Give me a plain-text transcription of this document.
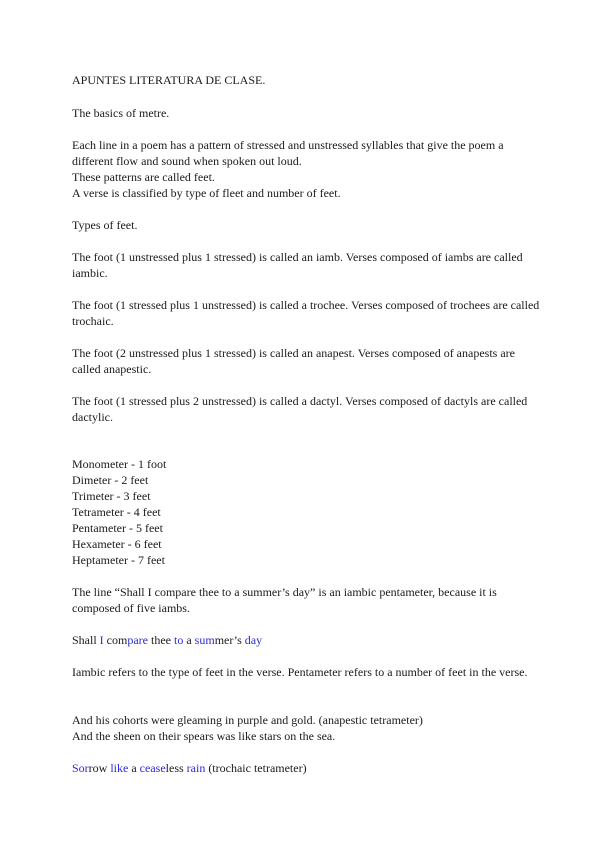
APUNTES LITERATURA DE CLASE.

The basics of metre.

Each line in a poem has a pattern of stressed and unstressed syllables that give the poem a different flow and sound when spoken out loud.

These patterns are called feet.

A verse is classified by type of fleet and number of feet.

Types of feet.

The foot (1 unstressed plus 1 stressed) is called an iamb. Verses composed of iambs are called iambic.

The foot (1 stressed plus 1 unstressed) is called a trochee. Verses composed of trochees are called trochaic.

The foot (2 unstressed plus 1 stressed) is called an anapest. Verses composed of anapests are called anapestic.

The foot (1 stressed plus 2 unstressed) is called a dactyl. Verses composed of dactyls are called dactylic.

Monometer - 1 foot

Dimeter - 2 feet

Trimeter - 3 feet

Tetrameter - 4 feet

Pentameter - 5 feet

Hexameter - 6 feet

Heptameter - 7 feet

The line “Shall I compare thee to a summer’s day” is an iambic pentameter, because it is composed of five iambs.

Shall I compare thee to a summer’s day

Iambic refers to the type of feet in the verse. Pentameter refers to a number of feet in the verse.

And his cohorts were gleaming in purple and gold. (anapestic tetrameter)

And the sheen on their spears was like stars on the sea.

Sorrow like a ceaseless rain (trochaic tetrameter)
